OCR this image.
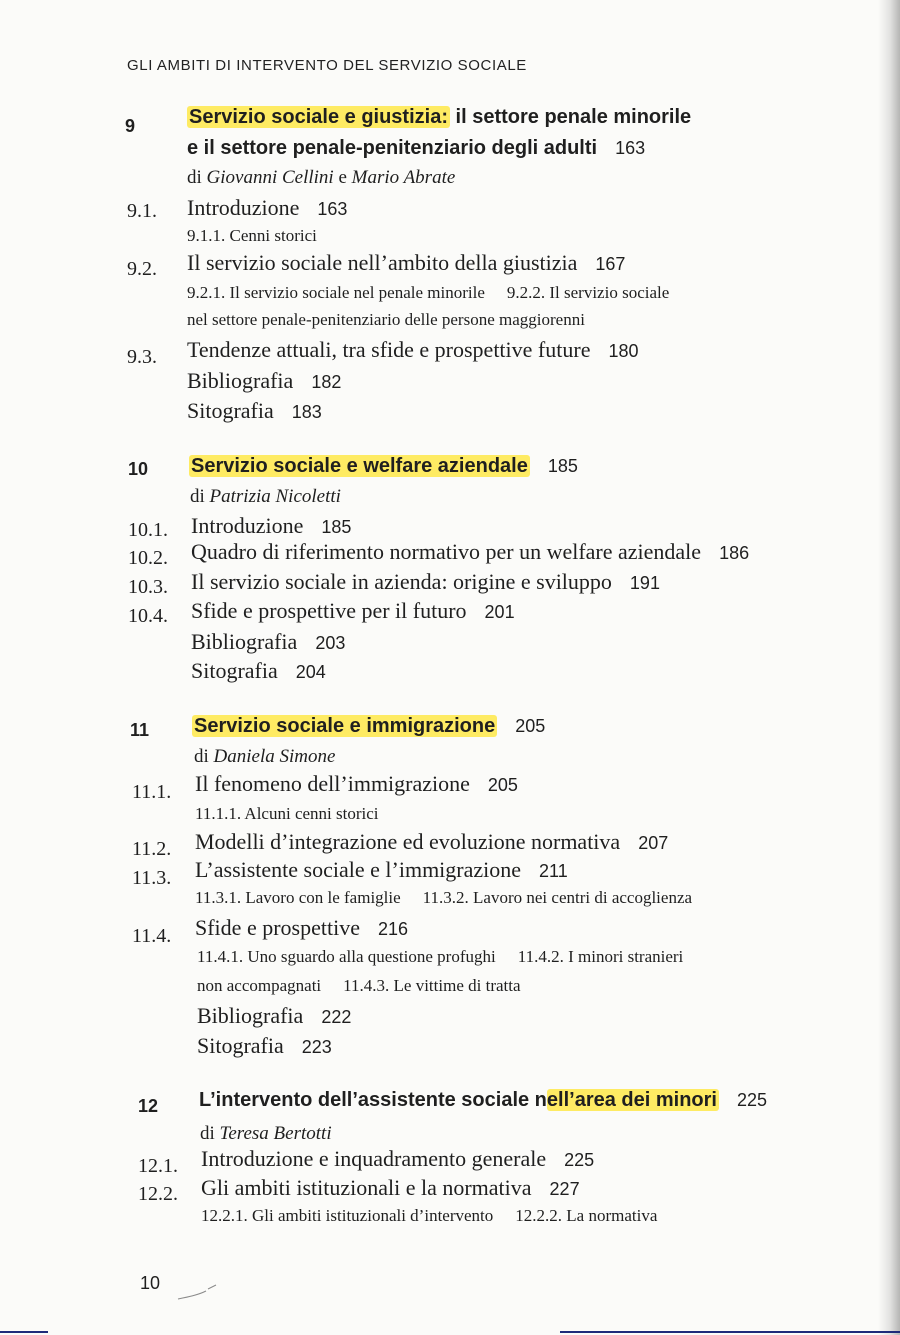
GLI AMBITI DI INTERVENTO DEL SERVIZIO SOCIALE
9	Servizio sociale e giustizia: il settore penale minorile
e il settore penale-penitenziario degli adulti 163
di Giovanni Cellini e Mario Abrate
9.1. Introduzione 163
9.1.1. Cenni storici
9.2. Il servizio sociale nell’ambito della giustizia 167
9.2.1. Il servizio sociale nel penale minorile 9.2.2. Il servizio sociale
nel settore penale-penitenziario delle persone maggiorenni
9.3. Tendenze attuali, tra sfide e prospettive future 180
Bibliografia 182
Sitografia 183
10 Servizio sociale e welfare aziendale 185
di Patrizia Nicoletti
10.1. Introduzione 185
10.2. Quadro di riferimento normativo per un welfare aziendale 186
10.3. Il servizio sociale in azienda: origine e sviluppo 191
10.4. Sfide e prospettive per il futuro 201
Bibliografia 203
Sitografia 204
11 Servizio sociale e immigrazione 205
di Daniela Simone
11.1. Il fenomeno dell’immigrazione 205
11.1.1. Alcuni cenni storici
11.2. Modelli d’integrazione ed evoluzione normativa 207
11.3. L’assistente sociale e l’immigrazione 211
11.3.1. Lavoro con le famiglie 11.3.2. Lavoro nei centri di accoglienza
11.4. Sfide e prospettive 216
11.4.1. Uno sguardo alla questione profughi 11.4.2. I minori stranieri
non accompagnati 11.4.3. Le vittime di tratta
Bibliografia 222
Sitografia 223
12 L’intervento dell’assistente sociale nell’area dei minori 225
di Teresa Bertotti
12.1. Introduzione e inquadramento generale 225
12.2. Gli ambiti istituzionali e la normativa 227
12.2.1. Gli ambiti istituzionali d’intervento 12.2.2. La normativa
10
